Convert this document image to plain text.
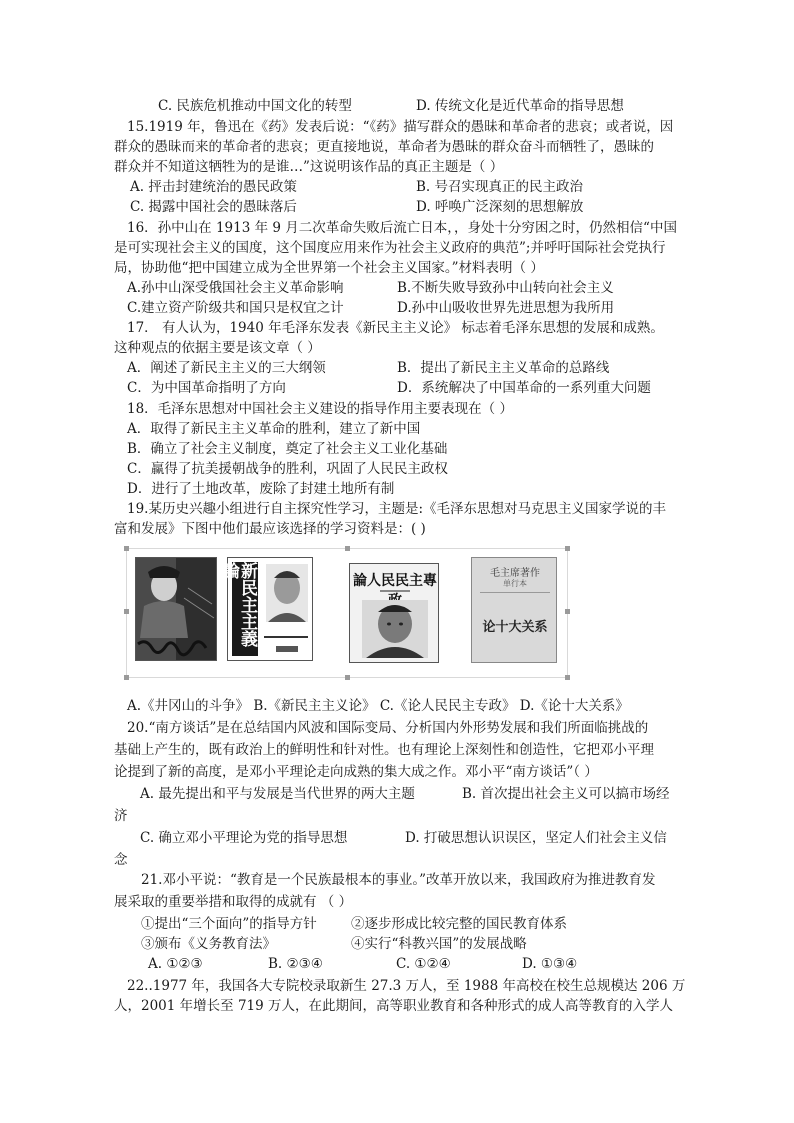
C. 民族危机推动中国文化的转型	D. 传统文化是近代革命的指导思想
15.1919 年，鲁迅在《药》发表后说：“《药》描写群众的愚昧和革命者的悲哀；或者说，因
群众的愚昧而来的革命者的悲哀；更直接地说，革命者为愚昧的群众奋斗而牺牲了，愚昧的
群众并不知道这牺牲为的是谁…”这说明该作品的真正主题是（ ）
A. 抨击封建统治的愚民政策	B. 号召实现真正的民主政治
C. 揭露中国社会的愚昧落后	D. 呼唤广泛深刻的思想解放
16．孙中山在 1913 年 9 月二次革命失败后流亡日本，，身处十分穷困之时，仍然相信“中国
是可实现社会主义的国度，这个国度应用来作为社会主义政府的典范”;并呼吁国际社会党执行
局，协助他“把中国建立成为全世界第一个社会主义国家。”材料表明（ ）
A.孙中山深受俄国社会主义革命影响	B.不断失败导致孙中山转向社会主义
C.建立资产阶级共和国只是权宜之计	D.孙中山吸收世界先进思想为我所用
17． 有人认为，1940 年毛泽东发表《新民主主义论》 标志着毛泽东思想的发展和成熟。
这种观点的依据主要是该文章（ ）
A．阐述了新民主主义的三大纲领	B．提出了新民主主义革命的总路线
C．为中国革命指明了方向	D．系统解决了中国革命的一系列重大问题
18．毛泽东思想对中国社会主义建设的指导作用主要表现在（ ）
A．取得了新民主主义革命的胜利，建立了新中国
B．确立了社会主义制度，奠定了社会主义工业化基础
C．赢得了抗美援朝战争的胜利，巩固了人民民主政权
D．进行了土地改革，废除了封建土地所有制
19.某历史兴趣小组进行自主探究性学习，主题是:《毛泽东思想对马克思主义国家学说的丰
富和发展》下图中他们最应该选择的学习资料是：( )
新民主主義論
論人民民主專	毛主席著作
单行本
论十大关系
A.《井冈山的斗争》 B.《新民主主义论》 C.《论人民民主专政》 D.《论十大关系》
20.“南方谈话”是在总结国内风波和国际变局、分析国内外形势发展和我们所面临挑战的
基础上产生的，既有政治上的鲜明性和针对性。也有理论上深刻性和创造性，它把邓小平理
论提到了新的高度，是邓小平理论走向成熟的集大成之作。邓小平“南方谈话”（ ）
A. 最先提出和平与发展是当代世界的两大主题	B. 首次提出社会主义可以搞市场经
济
C. 确立邓小平理论为党的指导思想	D. 打破思想认识误区，坚定人们社会主义信
念
21.邓小平说：“教育是一个民族最根本的事业。”改革开放以来，我国政府为推进教育发
展采取的重要举措和取得的成就有 （ ）
①提出“三个面向”的指导方针	②逐步形成比较完整的国民教育体系
③颁布《义务教育法》	④实行“科教兴国”的发展战略
A. ①②③	B. ②③④	C. ①②④	D. ①③④
22..1977 年，我国各大专院校录取新生 27.3 万人，至 1988 年高校在校生总规模达 206 万
人，2001 年增长至 719 万人，在此期间，高等职业教育和各种形式的成人高等教育的入学人
